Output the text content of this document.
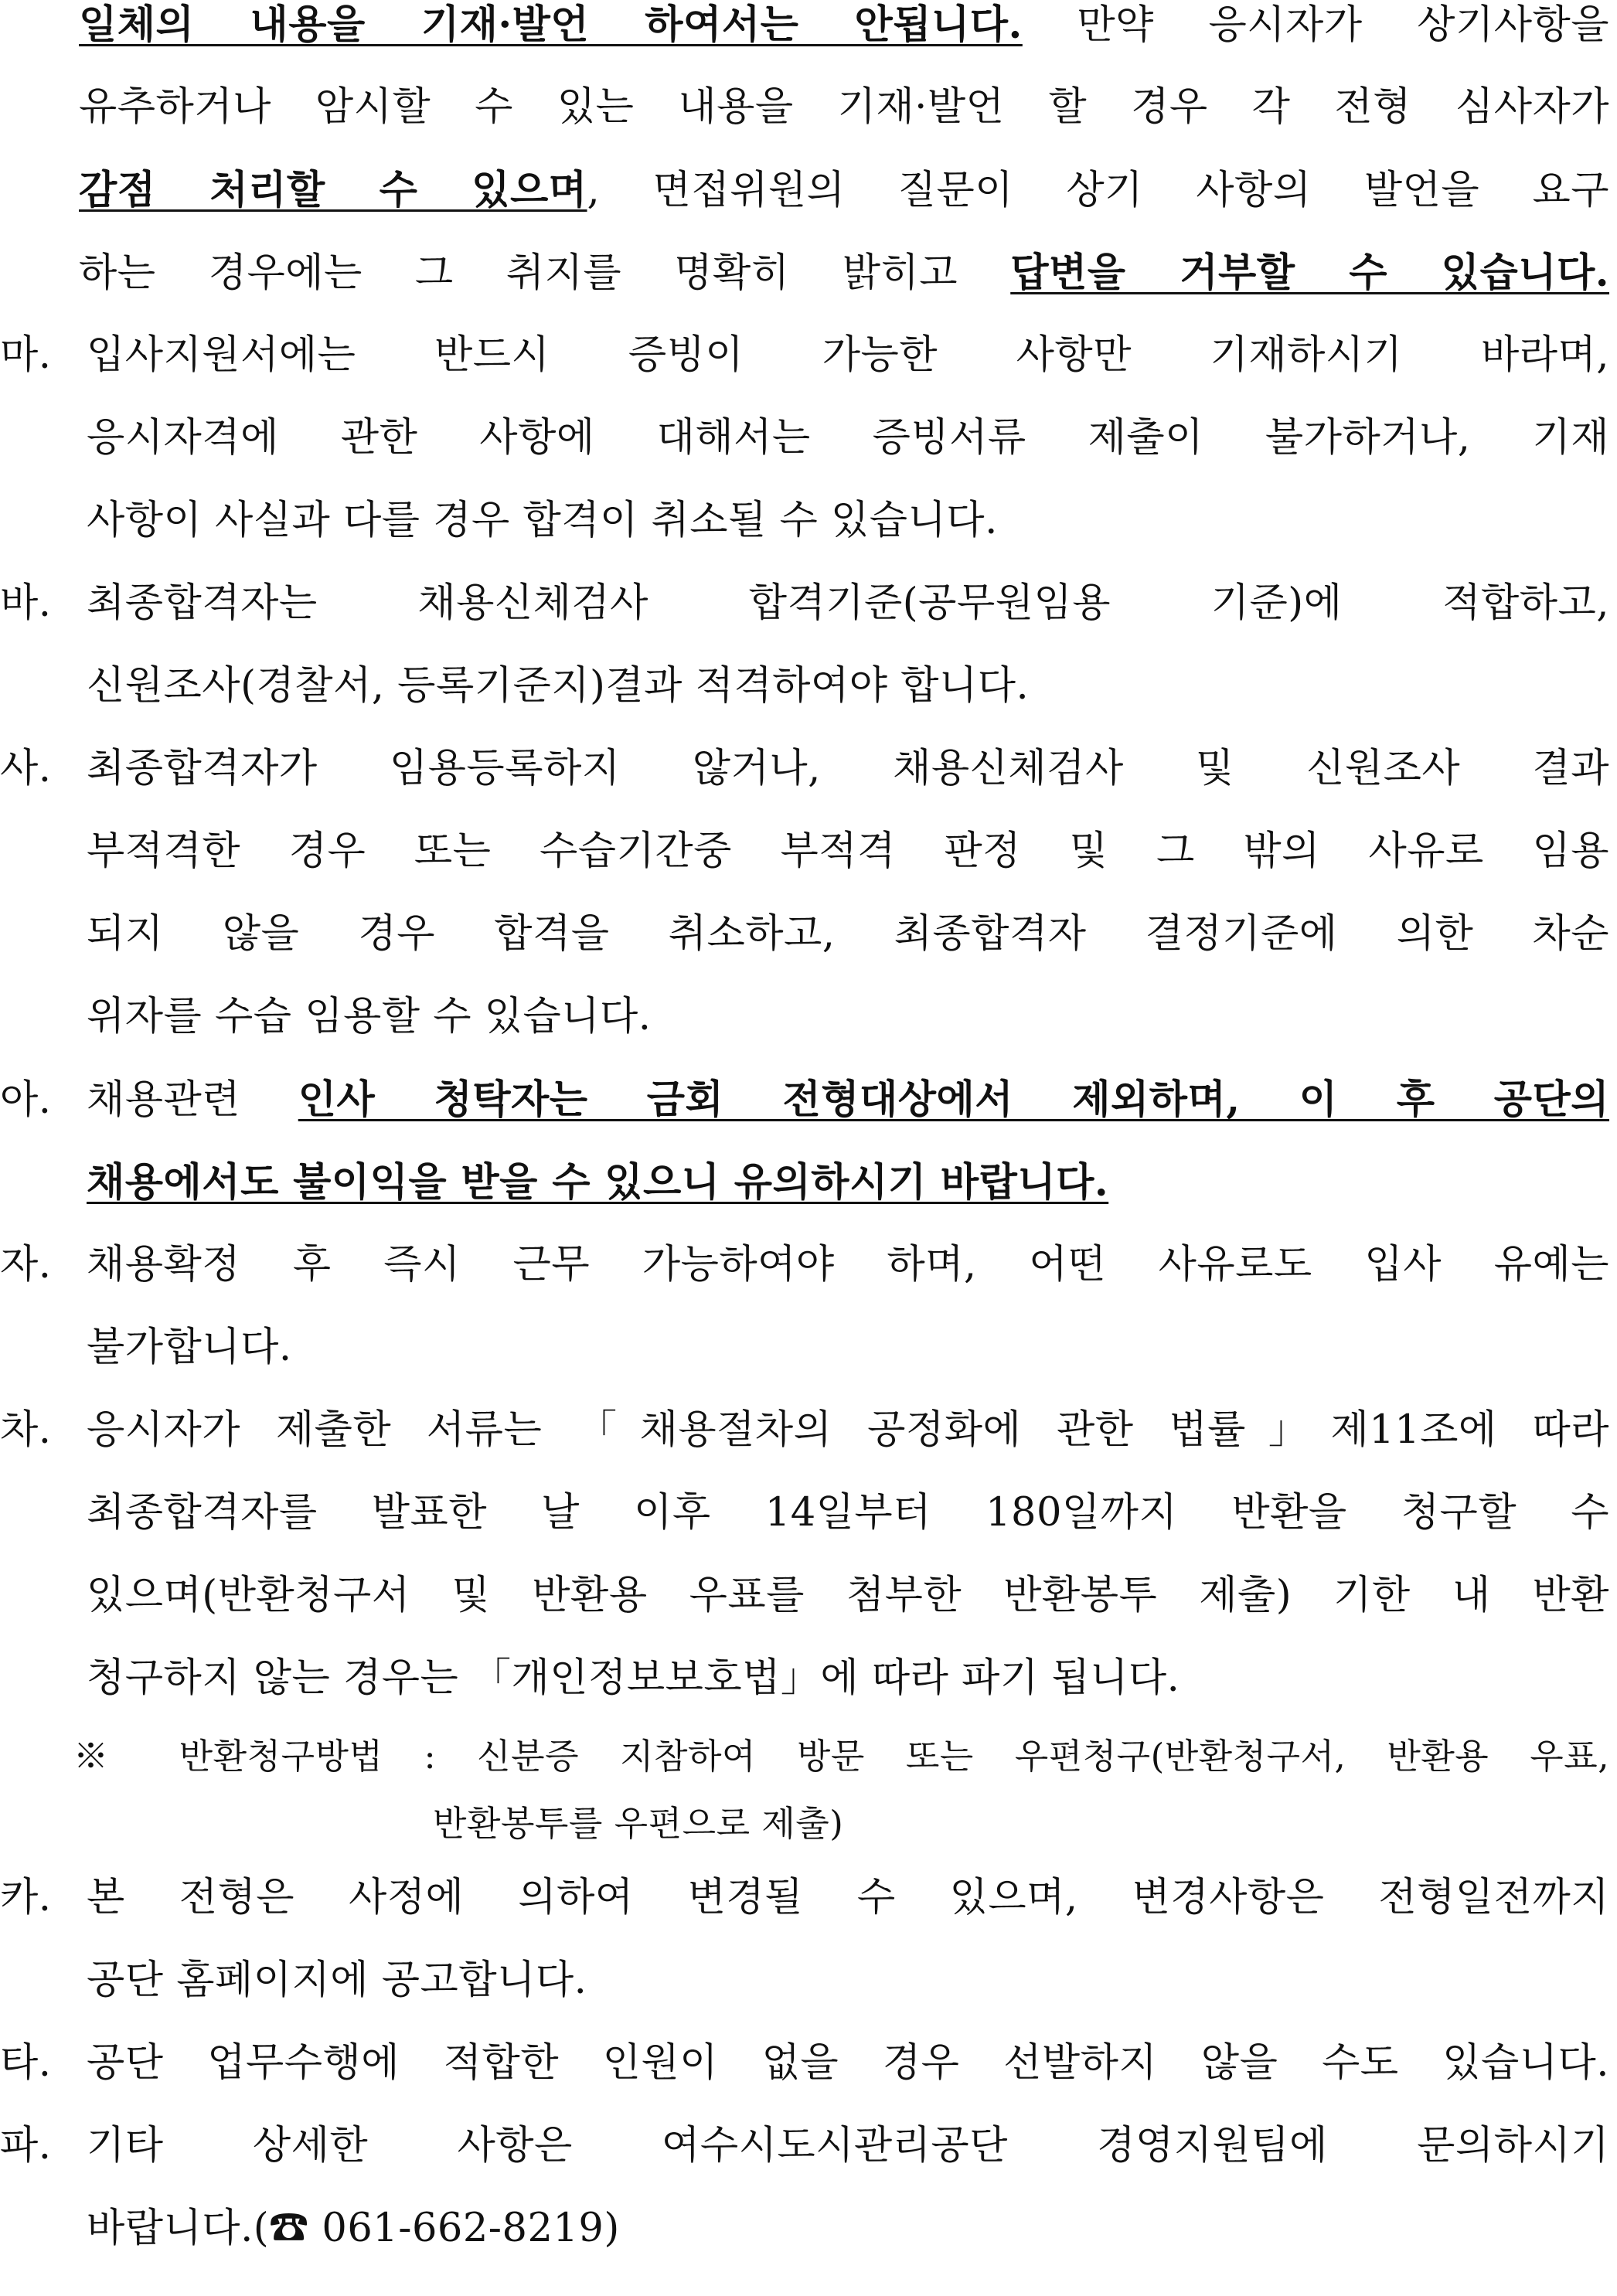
일체의 내용을 기재·발언 하여서는 안됩니다. 만약 응시자가 상기사항을
유추하거나 암시할 수 있는 내용을 기재·발언 할 경우 각 전형 심사자가
감점 처리할 수 있으며, 면접위원의 질문이 상기 사항의 발언을 요구
하는 경우에는 그 취지를 명확히 밝히고 답변을 거부할 수 있습니다.
마. 입사지원서에는 반드시 증빙이 가능한 사항만 기재하시기 바라며,
응시자격에 관한 사항에 대해서는 증빙서류 제출이 불가하거나, 기재
사항이 사실과 다를 경우 합격이 취소될 수 있습니다.
바. 최종합격자는 채용신체검사 합격기준(공무원임용 기준)에 적합하고,
신원조사(경찰서, 등록기준지)결과 적격하여야 합니다.
사. 최종합격자가 임용등록하지 않거나, 채용신체검사 및 신원조사 결과
부적격한 경우 또는 수습기간중 부적격 판정 및 그 밖의 사유로 임용
되지 않을 경우 합격을 취소하고, 최종합격자 결정기준에 의한 차순
위자를 수습 임용할 수 있습니다.
아. 채용관련 인사 청탁자는 금회 전형대상에서 제외하며, 이 후 공단의
채용에서도 불이익을 받을 수 있으니 유의하시기 바랍니다.
자. 채용확정 후 즉시 근무 가능하여야 하며, 어떤 사유로도 입사 유예는
불가합니다.
차. 응시자가 제출한 서류는 「채용절차의 공정화에 관한 법률」제11조에 따라
최종합격자를 발표한 날 이후 14일부터 180일까지 반환을 청구할 수
있으며(반환청구서 및 반환용 우표를 첨부한 반환봉투 제출) 기한 내 반환
청구하지 않는 경우는 「개인정보보호법」에 따라 파기 됩니다.
※ 반환청구방법 : 신분증 지참하여 방문 또는 우편청구(반환청구서, 반환용 우표,
반환봉투를 우편으로 제출)
카. 본 전형은 사정에 의하여 변경될 수 있으며, 변경사항은 전형일전까지
공단 홈페이지에 공고합니다.
타. 공단 업무수행에 적합한 인원이 없을 경우 선발하지 않을 수도 있습니다.
파. 기타 상세한 사항은 여수시도시관리공단 경영지원팀에 문의하시기
바랍니다.(☎ 061-662-8219)
